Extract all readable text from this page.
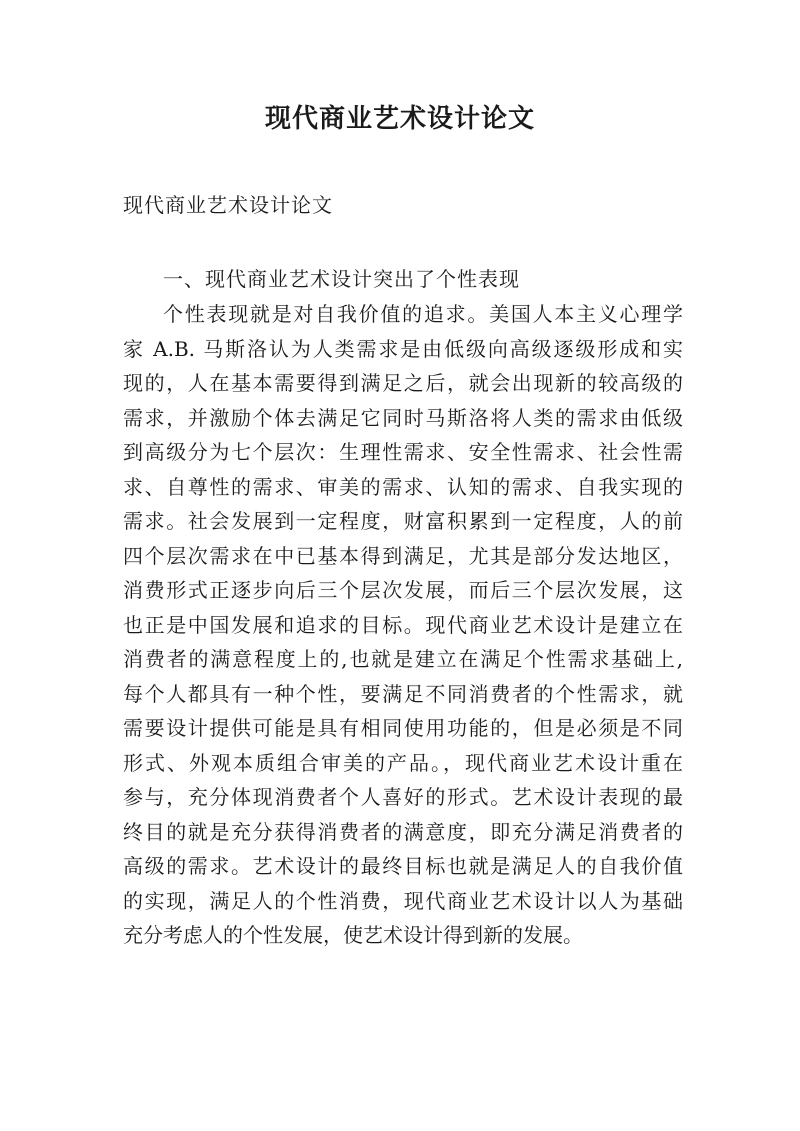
现代商业艺术设计论文
现代商业艺术设计论文
一、现代商业艺术设计突出了个性表现
个性表现就是对自我价值的追求。美国人本主义心理学
家 A.B. 马斯洛认为人类需求是由低级向高级逐级形成和实
现的，人在基本需要得到满足之后，就会出现新的较高级的
需求，并激励个体去满足它同时马斯洛将人类的需求由低级
到高级分为七个层次：生理性需求、安全性需求、社会性需
求、自尊性的需求、审美的需求、认知的需求、自我实现的
需求。社会发展到一定程度，财富积累到一定程度，人的前
四个层次需求在中已基本得到满足，尤其是部分发达地区，
消费形式正逐步向后三个层次发展，而后三个层次发展，这
也正是中国发展和追求的目标。现代商业艺术设计是建立在
消费者的满意程度上的,也就是建立在满足个性需求基础上,
每个人都具有一种个性，要满足不同消费者的个性需求，就
需要设计提供可能是具有相同使用功能的，但是必须是不同
形式、外观本质组合审美的产品。，现代商业艺术设计重在
参与，充分体现消费者个人喜好的形式。艺术设计表现的最
终目的就是充分获得消费者的满意度，即充分满足消费者的
高级的需求。艺术设计的最终目标也就是满足人的自我价值
的实现，满足人的个性消费，现代商业艺术设计以人为基础
充分考虑人的个性发展，使艺术设计得到新的发展。
